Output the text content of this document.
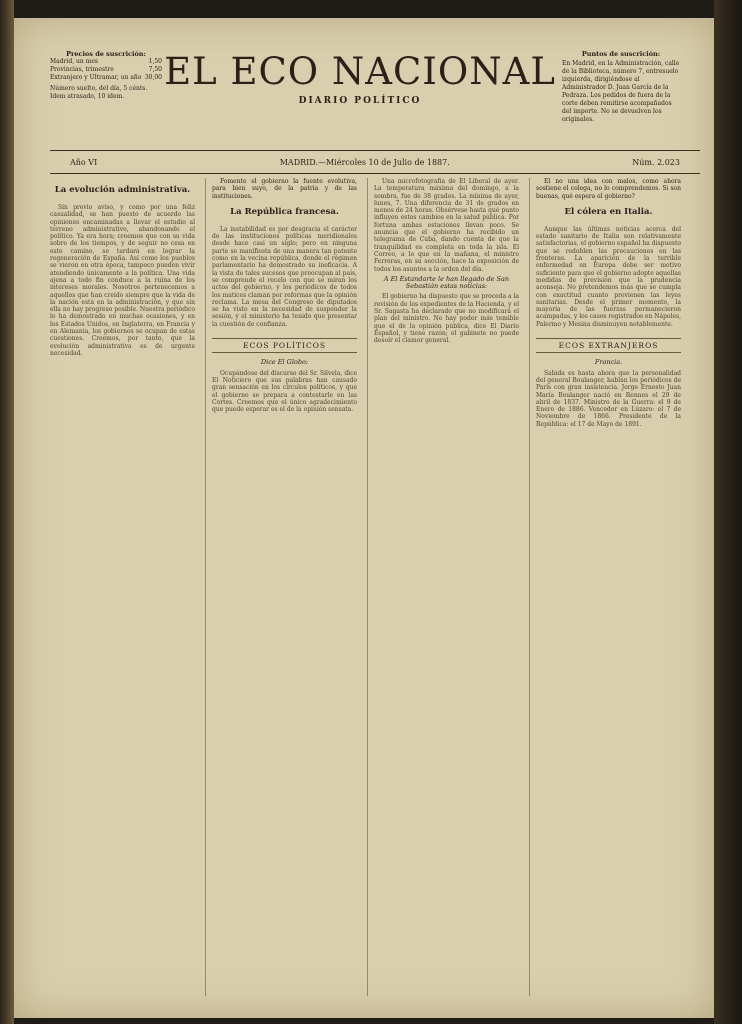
Precios de suscrición:
Madrid, un mes	1,50
Provincias, trimestre	7,50
Extranjero y Ultramar, un año 30,00
Número suelto, del día, 5 cénts. Idem atrasado, 10 idem.
EL ECO NACIONAL
DIARIO POLÍTICO
Puntos de suscrición:
En Madrid, en la Administración, calle de la Biblioteca, número 7, entresuelo izquierda, dirigiéndose al Administrador D. Juan García de la Pedraza. Los pedidos de fuera de la corte deben remitirse acompañados del importe. No se devuelven los originales.
Año VI	MADRID.—Miércoles 10 de Julio de 1887.	Núm. 2.023
La evolución administrativa.

Sin previo aviso, y como por una feliz casualidad, se han puesto de acuerdo las opiniones encaminadas a llevar el estudio al terreno administrativo, abandonando el político. Ya era hora; creemos que con su vida sobre de los tiempos, y de seguir no cesa en este camino, se tardará en lograr la regeneración de España. Así como los pueblos se vieron en otra época, tampoco pueden vivir atendiendo únicamente a la política. Una vida ajena a todo fin conduce a la ruina de los intereses morales. Nosotros pertenecemos a aquellos que han creído siempre que la vida de la nación está en la administración, y que sin ella no hay progreso posible. Nuestra periódico lo ha demostrado en muchas ocasiones, y en los Estados Unidos, en Inglaterra, en Francia y en Alemania, los gobiernos se ocupan de estas cuestiones. Creemos, por tanto, que la evolución administrativa es de urgente necesidad.

Fomente el gobierno la fuente evolutiva, para bien suyo, de la patria y de las instituciones.

La República francesa.

La instabilidad es por desgracia el carácter de las instituciones políticas meridionales desde hace casi un siglo; pero en ninguna parte se manifiesta de una manera tan patente como en la vecina república, donde el régimen parlamentario ha demostrado su ineficacia. A la vista de tales sucesos que preocupan al país, se comprende el recelo con que se miran los actos del gobierno, y los periódicos de todos los matices claman por reformas que la opinión reclama. La mesa del Congreso de diputados se ha visto en la necesidad de suspender la sesión, y el ministerio ha tenido que presentar la cuestión de confianza.

ECOS POLÍTICOS
Dice El Globo:

Ocupándose del discurso del Sr. Silvela, dice El Noticiero que sus palabras han causado gran sensación en los círculos políticos, y que el gobierno se prepara a contestarle en las Cortes. Creemos que el único agradecimiento que puede esperar es el de la opinión sensata.

Una microfotografía de El Liberal de ayer. La temperatura máxima del domingo, a la sombra, fue de 38 grados. La mínima de ayer, lunes, 7. Una diferencia de 31 de grados en menos de 24 horas. Obsérvese hasta qué punto influyen estos cambios en la salud pública. Por fortuna ambas estaciones llevan poco. Se anuncia que el gobierno ha recibido un telegrama de Cuba, dando cuenta de que la tranquilidad es completa en toda la isla. El Correo, a lo que en la mañana, el ministro Ferreras, en su sección, hace la exposición de todos los asuntos a la orden del día.

A El Estandarte le han llegado de San Sebastián estas noticias:

El gobierno ha dispuesto que se proceda a la revisión de los expedientes de la Hacienda, y el Sr. Sagasta ha declarado que no modificará el plan del ministro. No hay poder más temible que el de la opinión pública, dice El Diario Español, y tiene razón; el gabinete no puede desoír el clamor general.

El no una idea con malos, como ahora sostiene el colega, no lo comprendemos. Si son buenas, qué espera el gobierno?

El cólera en Italia.

Aunque las últimas noticias acerca del estado sanitario de Italia son relativamente satisfactorias, el gobierno español ha dispuesto que se redoblen las precauciones en las fronteras. La aparición de la terrible enfermedad en Europa debe ser motivo suficiente para que el gobierno adopte aquellas medidas de previsión que la prudencia aconseja. No pretendemos más que se cumpla con exactitud cuanto previenen las leyes sanitarias. Desde el primer momento, la mayoría de las fuerzas permanecieron acampadas, y los casos registrados en Nápoles, Palermo y Mesina disminuyen notablemente.

ECOS EXTRANJEROS
Francia.

Sabida es hasta ahora que la personalidad del general Boulanger, hablan los periódicos de París con gran insistencia. Jorge Ernesto Juan María Boulanger nació en Rennes el 29 de abril de 1837. Ministro de la Guerra: el 9 de Enero de 1886. Vencedor en Lúzaro: el 7 de Noviembre de 1866. Presidente de la República: el 17 de Mayo de 1891.
